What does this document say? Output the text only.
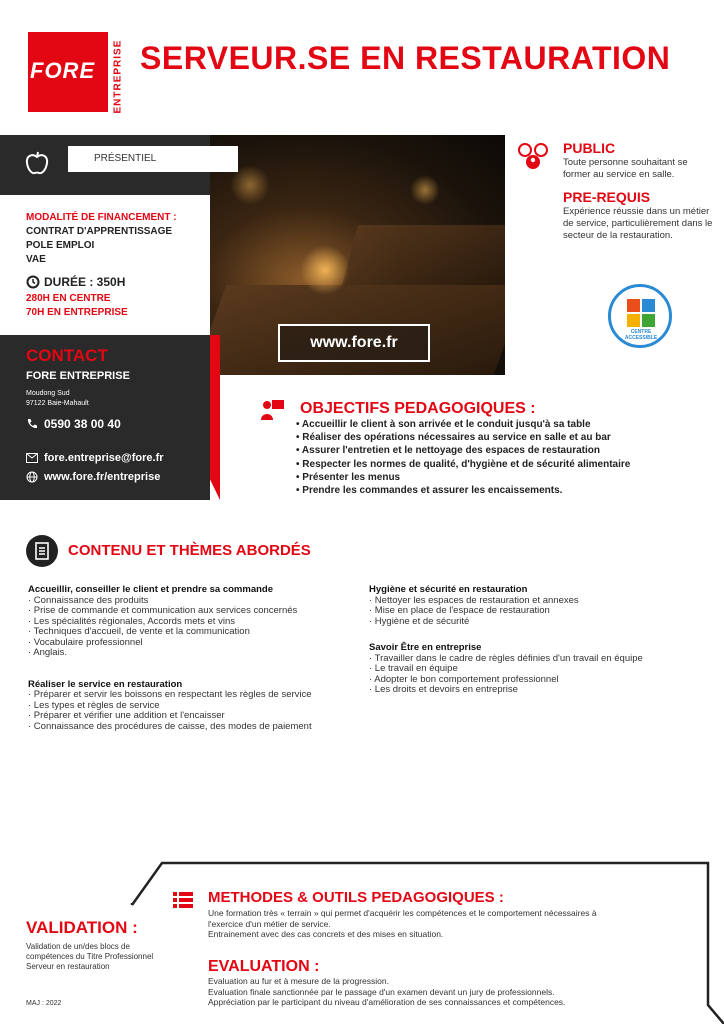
FORE ENTREPRISE SERVEUR.SE EN RESTAURATION
www.fore.fr
PRÉSENTIEL
MODALITÉ DE FINANCEMENT :
CONTRAT D'APPRENTISSAGE
POLE EMPLOI
VAE
DURÉE : 350H
280H EN CENTRE
70H EN ENTREPRISE
CONTACT
FORE ENTREPRISE
Moudong Sud
97122 Baie-Mahault
0590 38 00 40
fore.entreprise@fore.fr
www.fore.fr/entreprise
PUBLIC
Toute personne souhaitant se former au service en salle.
PRE-REQUIS
Expérience réussie dans un métier de service, particulièrement dans le secteur de la restauration.
CENTRE ACCESSIBLE
OBJECTIFS PEDAGOGIQUES :
• Accueillir le client à son arrivée et le conduit jusqu'à sa table
• Réaliser des opérations nécessaires au service en salle et au bar
• Assurer l'entretien et le nettoyage des espaces de restauration
• Respecter les normes de qualité, d'hygiène et de sécurité alimentaire
• Présenter les menus
• Prendre les commandes et assurer les encaissements.
CONTENU ET THÈMES ABORDÉS
Accueillir, conseiller le client et prendre sa commande
· Connaissance des produits
· Prise de commande et communication aux services concernés
· Les spécialités régionales, Accords mets et vins
· Techniques d'accueil, de vente et la communication
· Vocabulaire professionnel
· Anglais.
Réaliser le service en restauration
· Préparer et servir les boissons en respectant les règles de service
· Les types et règles de service
· Préparer et vérifier une addition et l'encaisser
· Connaissance des procédures de caisse, des modes de paiement
Hygiène et sécurité en restauration
· Nettoyer les espaces de restauration et annexes
· Mise en place de l'espace de restauration
· Hygiène et de sécurité
Savoir Être en entreprise
· Travailler dans le cadre de règles définies d'un travail en équipe
· Le travail en équipe
· Adopter le bon comportement professionnel
· Les droits et devoirs en entreprise
VALIDATION :
Validation de un/des blocs de compétences du Titre Professionnel Serveur en restauration
MAJ : 2022
METHODES & OUTILS PEDAGOGIQUES :
Une formation très « terrain » qui permet d'acquérir les compétences et le comportement nécessaires à l'exercice d'un métier de service.
Entrainement avec des cas concrets et des mises en situation.
EVALUATION :
Evaluation au fur et à mesure de la progression.
Evaluation finale sanctionnée par le passage d'un examen devant un jury de professionnels.
Appréciation par le participant du niveau d'amélioration de ses connaissances et compétences.
